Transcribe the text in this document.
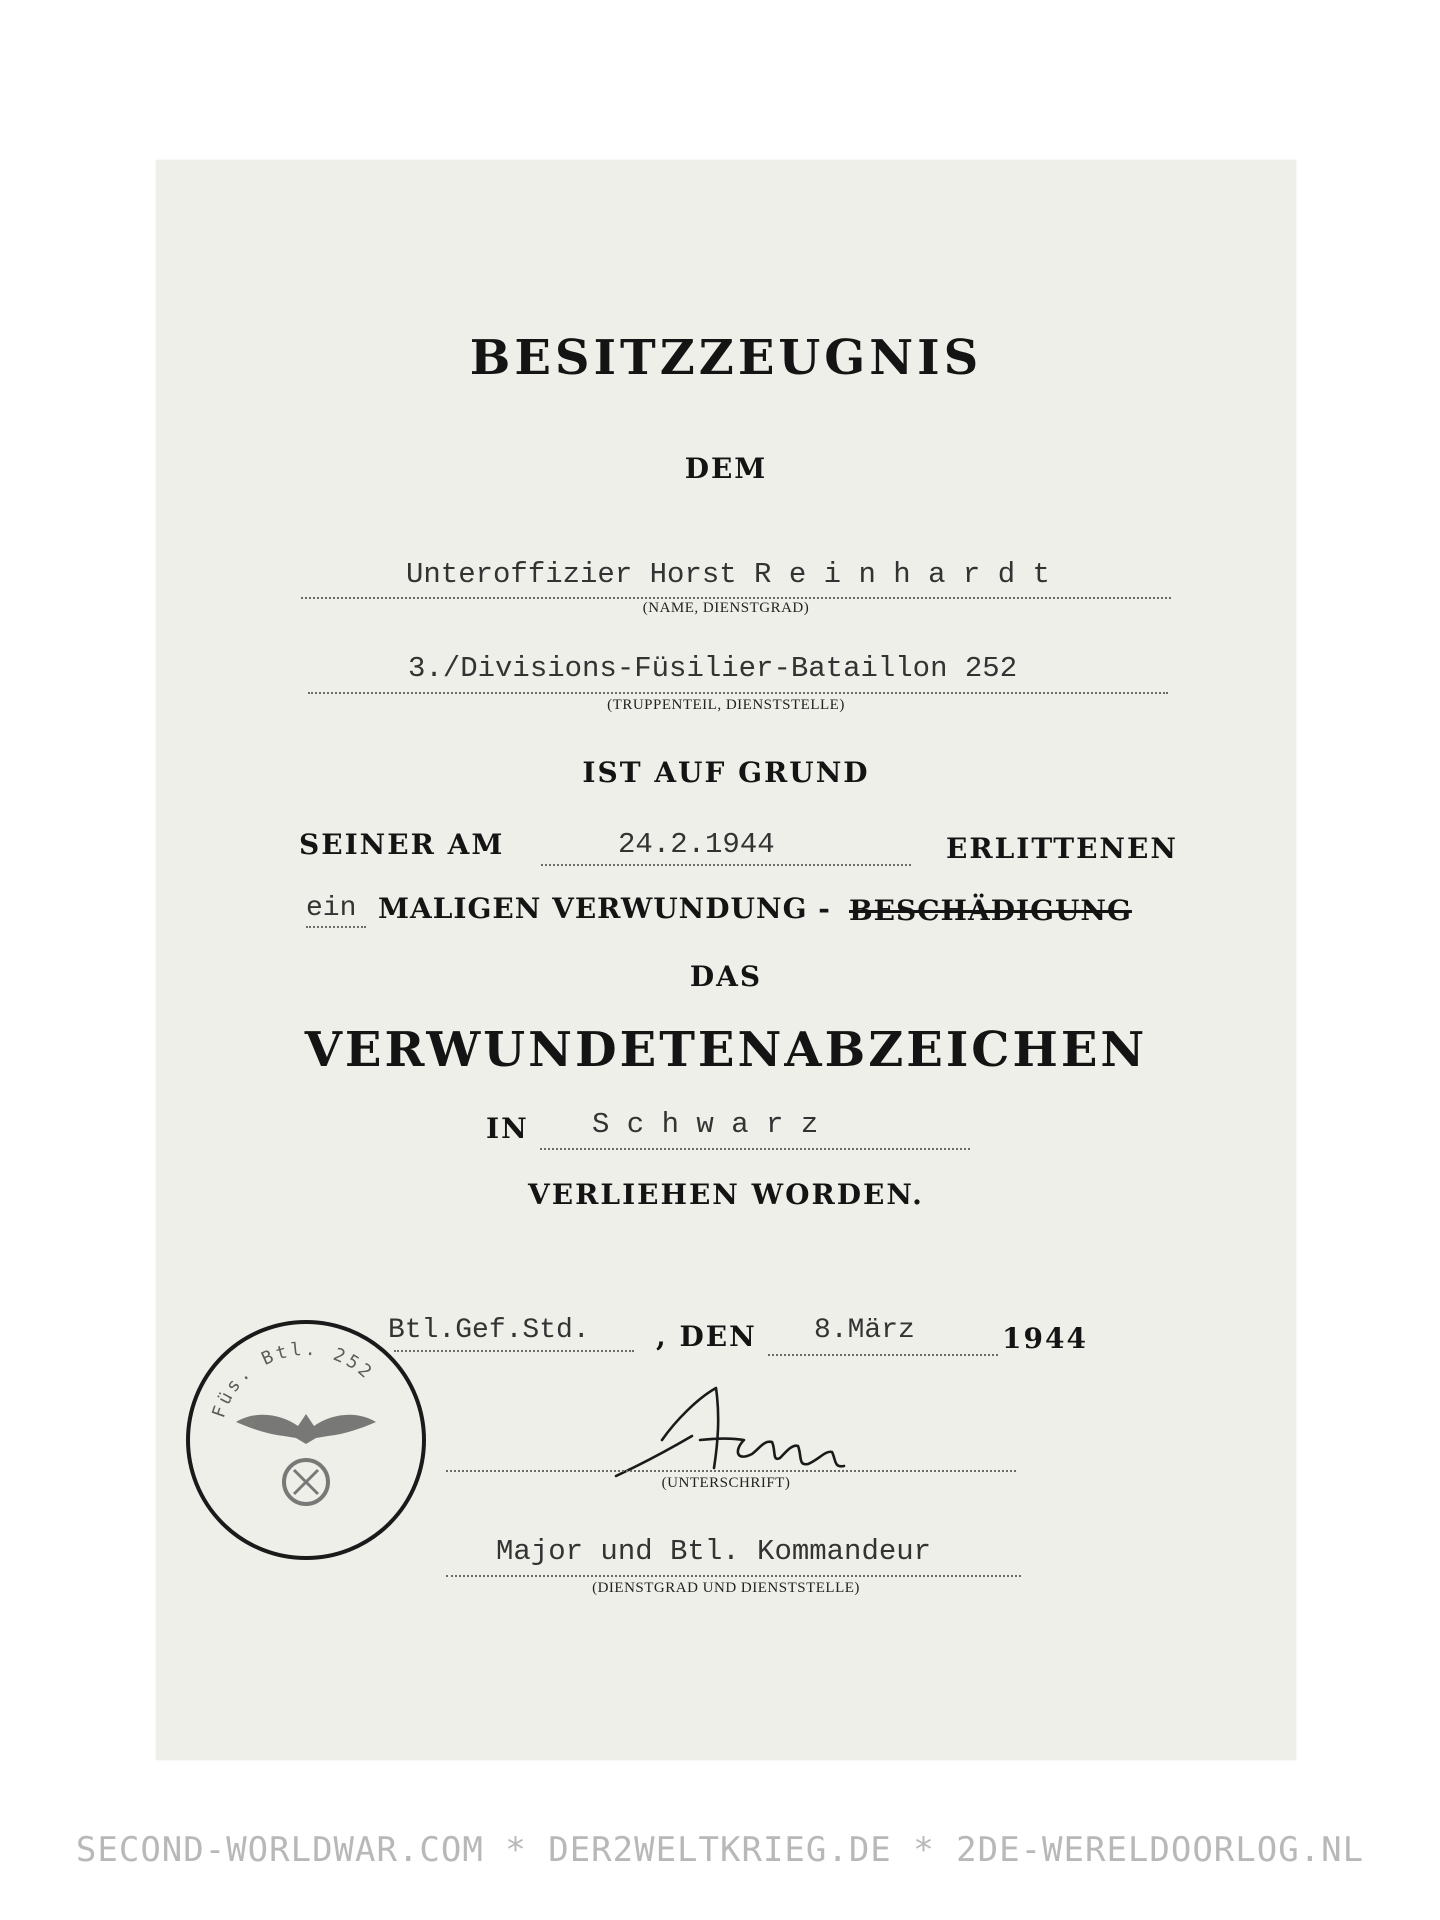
BESITZZEUGNIS
DEM
Unteroffizier Horst R e i n h a r d t
(NAME, DIENSTGRAD)
3./Divisions-Füsilier-Bataillon 252
(TRUPPENTEIL, DIENSTSTELLE)
IST AUF GRUND
SEINER AM	24.2.1944	ERLITTENEN
ein MALIGEN VERWUNDUNG - BESCHÄDIGUNG
DAS
VERWUNDETENABZEICHEN
IN S c h w a r z
VERLIEHEN WORDEN.
Btl.Gef.Std. , DEN 8.März	1944
(UNTERSCHRIFT)
Major und Btl. Kommandeur
(DIENSTGRAD UND DIENSTSTELLE)
Füs. Btl. 252
SECOND-WORLDWAR.COM * DER2WELTKRIEG.DE * 2DE-WERELDOORLOG.NL
